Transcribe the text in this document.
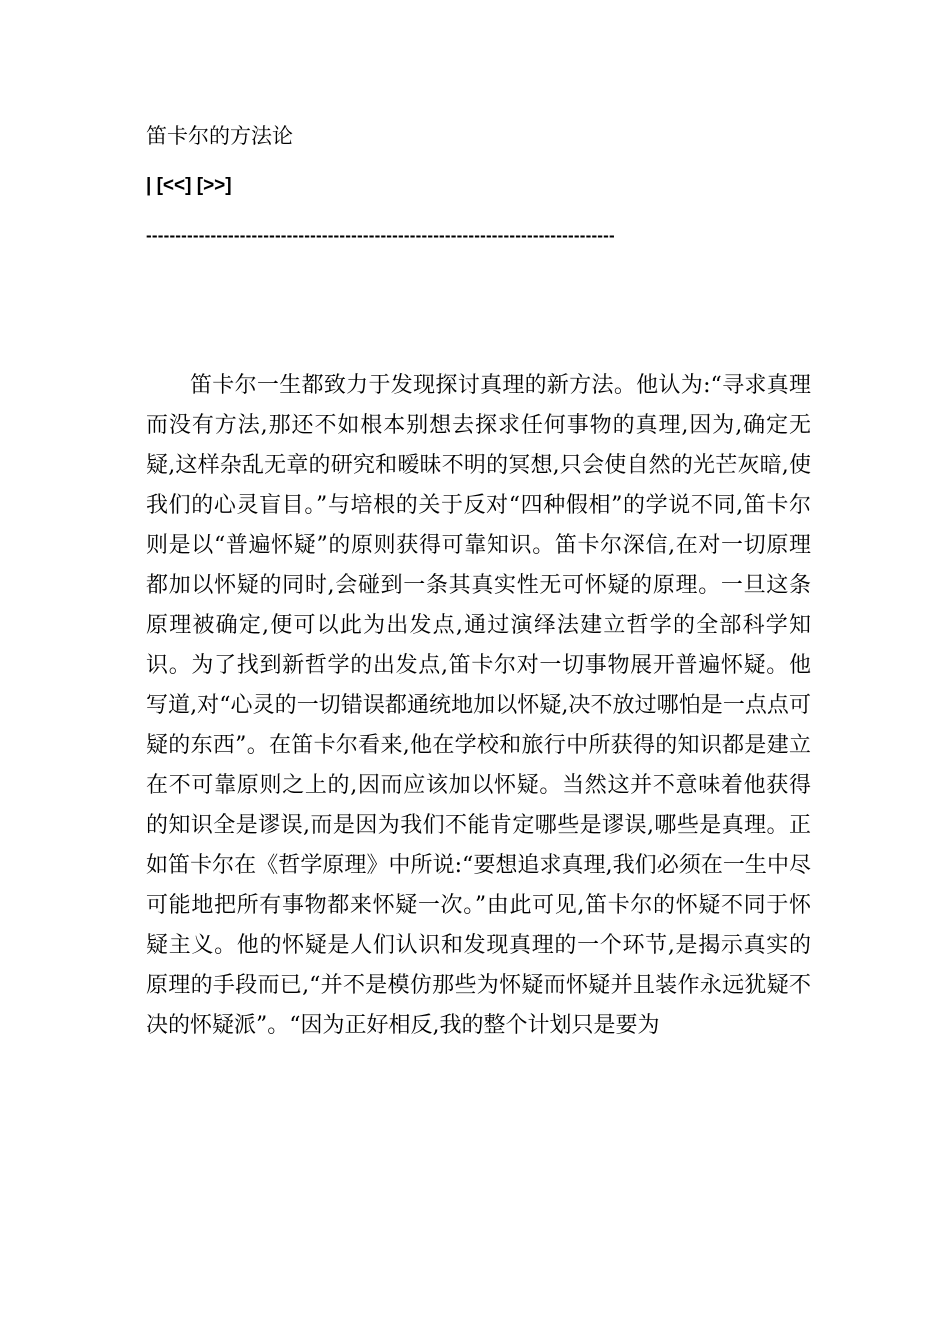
笛卡尔的方法论
| [<<] [>>]
--------------------------------------------------------------------------------

笛卡尔一生都致力于发现探讨真理的新方法。他认为:“寻求真理而没有方法,那还不如根本别想去探求任何事物的真理,因为,确定无疑,这样杂乱无章的研究和暧昧不明的冥想,只会使自然的光芒灰暗,使我们的心灵盲目。”与培根的关于反对“四种假相”的学说不同,笛卡尔则是以“普遍怀疑”的原则获得可靠知识。笛卡尔深信,在对一切原理都加以怀疑的同时,会碰到一条其真实性无可怀疑的原理。一旦这条原理被确定,便可以此为出发点,通过演绎法建立哲学的全部科学知识。为了找到新哲学的出发点,笛卡尔对一切事物展开普遍怀疑。他写道,对“心灵的一切错误都通统地加以怀疑,决不放过哪怕是一点点可疑的东西”。在笛卡尔看来,他在学校和旅行中所获得的知识都是建立在不可靠原则之上的,因而应该加以怀疑。当然这并不意味着他获得的知识全是谬误,而是因为我们不能肯定哪些是谬误,哪些是真理。正如笛卡尔在《哲学原理》中所说:“要想追求真理,我们必须在一生中尽可能地把所有事物都来怀疑一次。”由此可见,笛卡尔的怀疑不同于怀疑主义。他的怀疑是人们认识和发现真理的一个环节,是揭示真实的原理的手段而已,“并不是模仿那些为怀疑而怀疑并且装作永远犹疑不决的怀疑派”。“因为正好相反,我的整个计划只是要为
